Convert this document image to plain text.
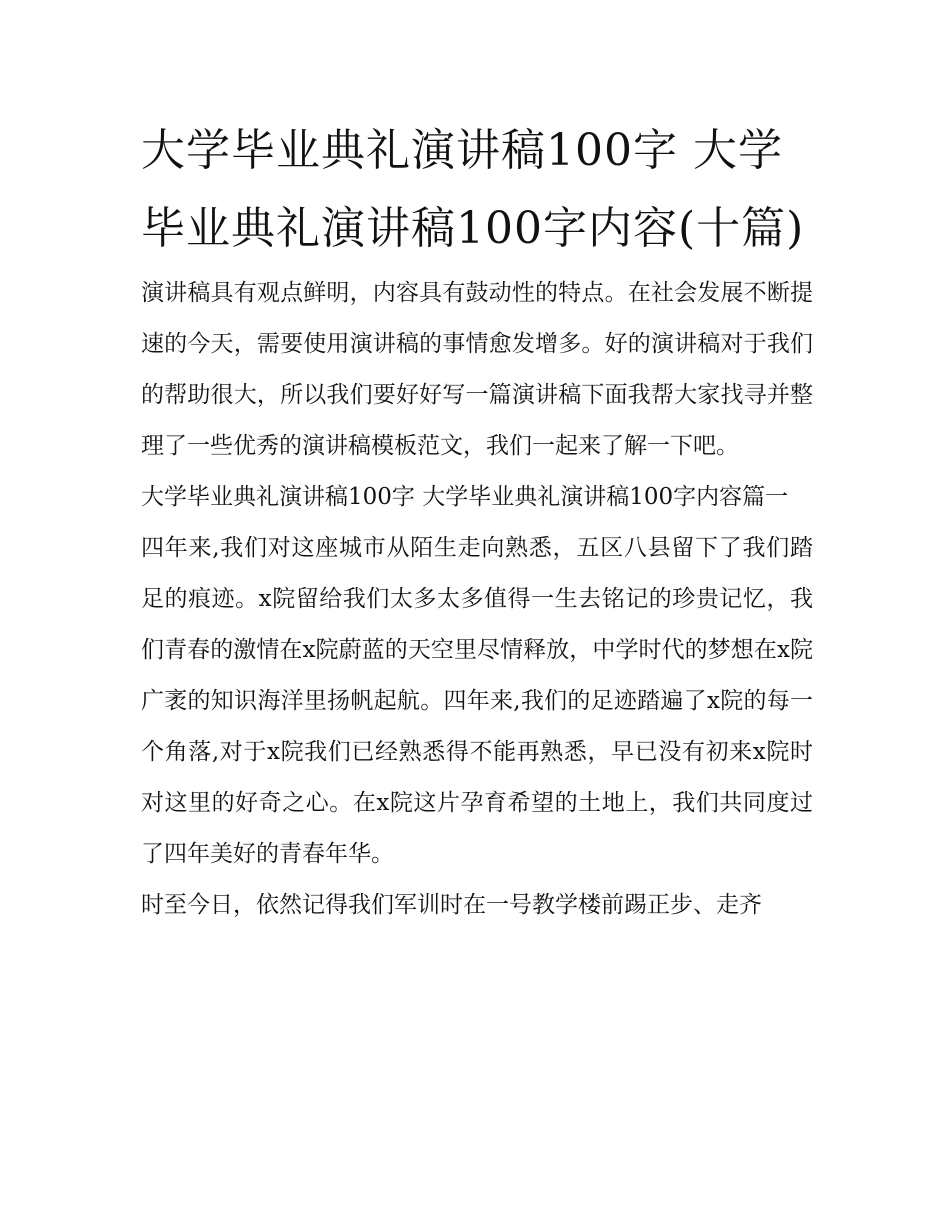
大学毕业典礼演讲稿100字 大学毕业典礼演讲稿100字内容(十篇)

演讲稿具有观点鲜明，内容具有鼓动性的特点。在社会发展不断提速的今天，需要使用演讲稿的事情愈发增多。好的演讲稿对于我们的帮助很大，所以我们要好好写一篇演讲稿下面我帮大家找寻并整理了一些优秀的演讲稿模板范文，我们一起来了解一下吧。

大学毕业典礼演讲稿100字 大学毕业典礼演讲稿100字内容篇一

四年来,我们对这座城市从陌生走向熟悉，五区八县留下了我们踏足的痕迹。x院留给我们太多太多值得一生去铭记的珍贵记忆，我们青春的激情在x院蔚蓝的天空里尽情释放，中学时代的梦想在x院广袤的知识海洋里扬帆起航。四年来,我们的足迹踏遍了x院的每一个角落,对于x院我们已经熟悉得不能再熟悉，早已没有初来x院时对这里的好奇之心。在x院这片孕育希望的土地上，我们共同度过了四年美好的青春年华。

时至今日，依然记得我们军训时在一号教学楼前踢正步、走齐
